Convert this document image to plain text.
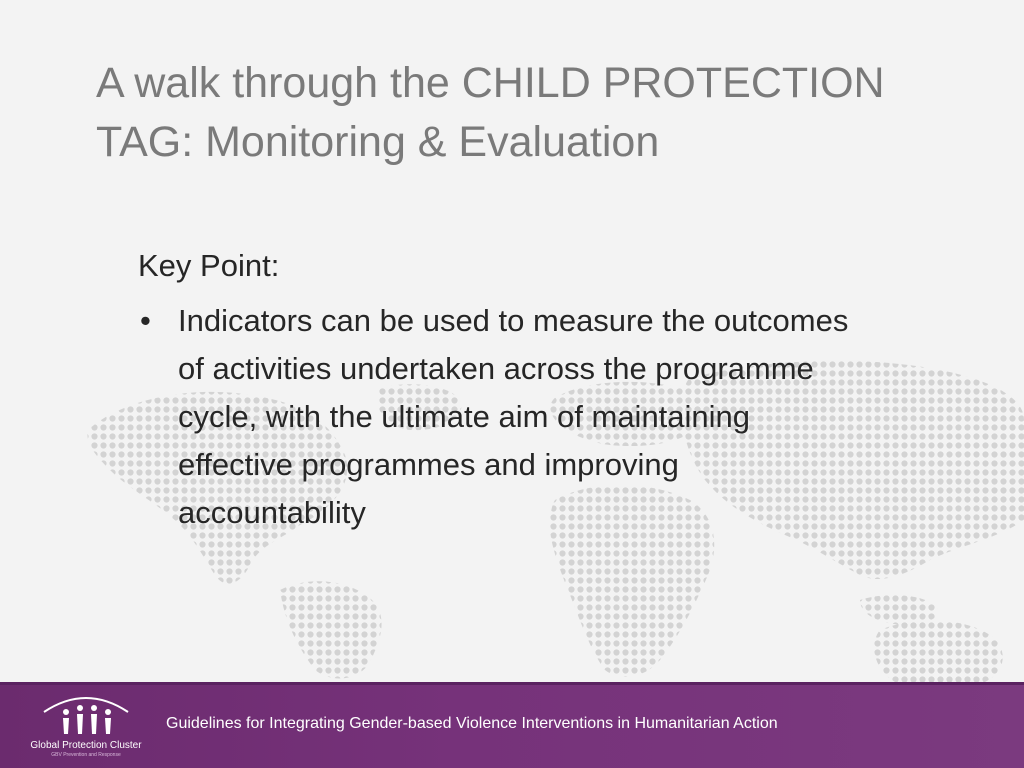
A walk through the CHILD PROTECTION TAG: Monitoring & Evaluation

Key Point:

• Indicators can be used to measure the outcomes of activities undertaken across the programme cycle, with the ultimate aim of maintaining effective programmes and improving accountability
Global Protection Cluster
GBV Prevention and Response
Guidelines for Integrating Gender-based Violence Interventions in Humanitarian Action
